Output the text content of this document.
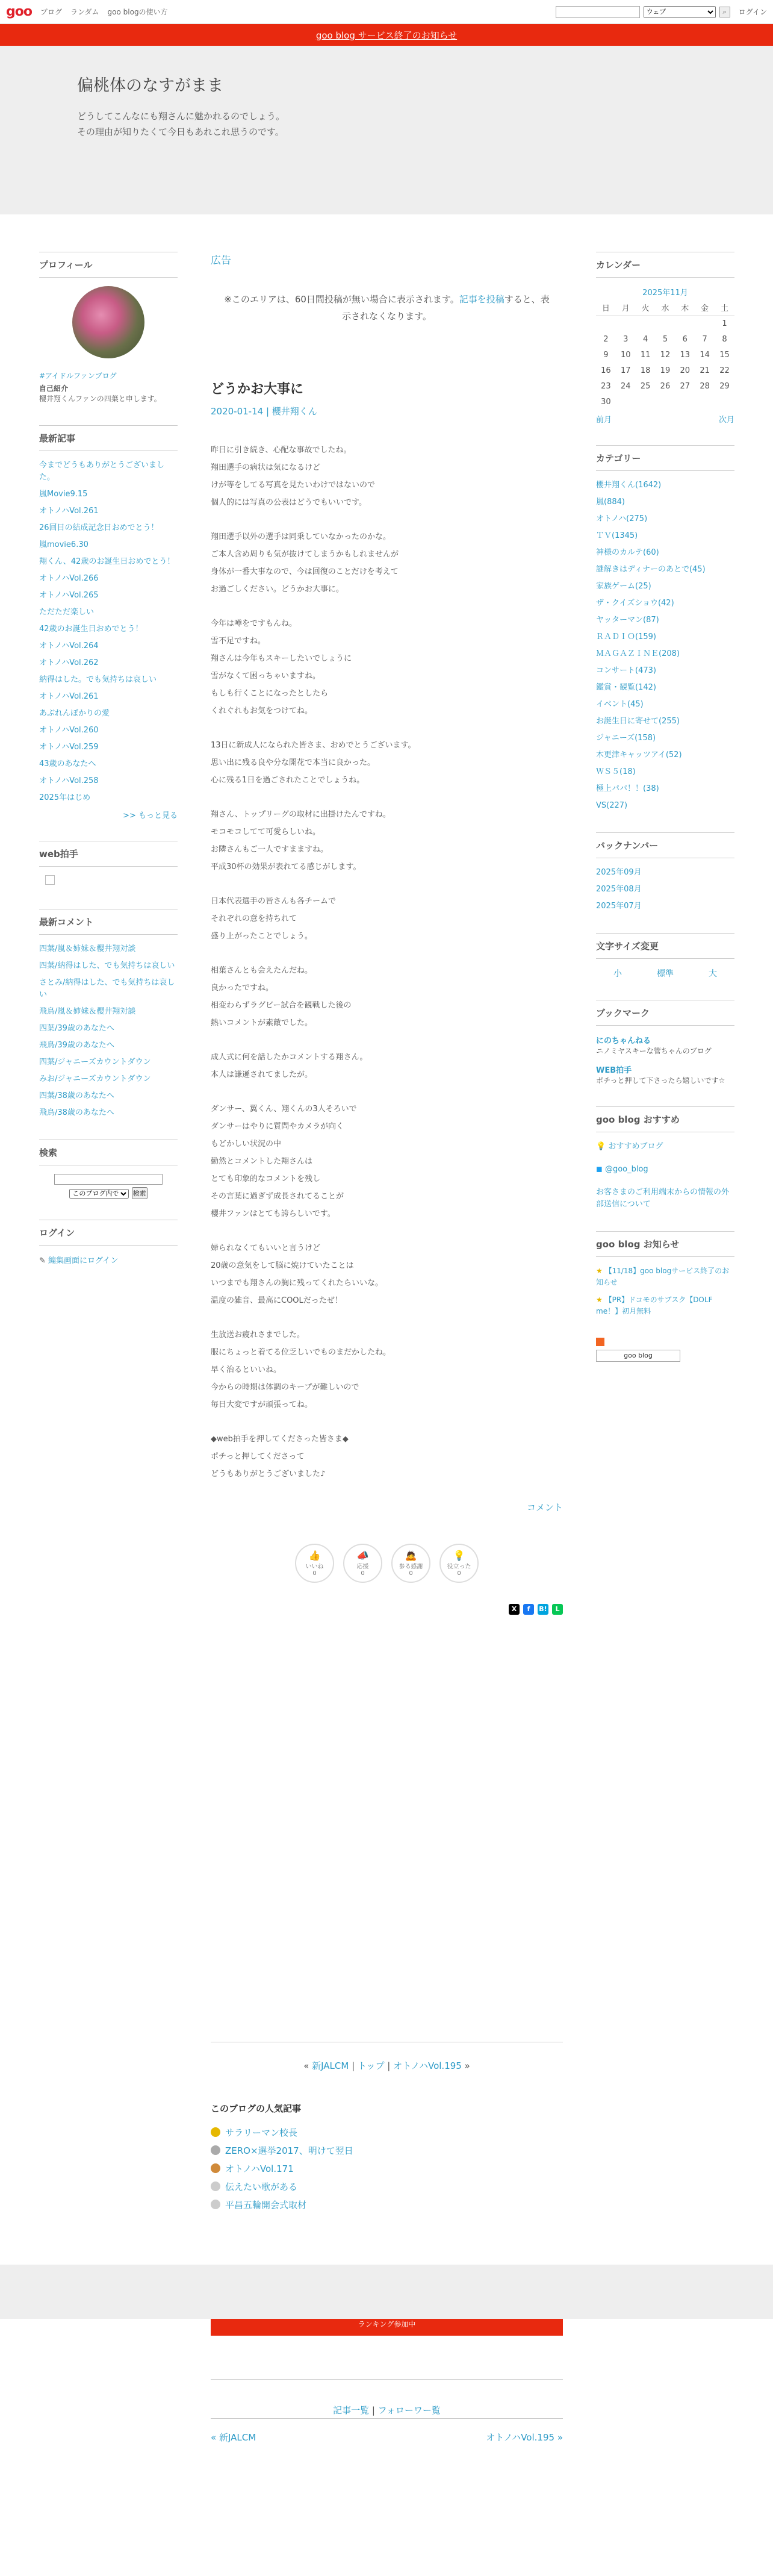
goo ブログ ランダム goo blogの使い方
ウェブ	⌕	ログイン
goo blog サービス終了のお知らせ
偏桃体のなすがまま
どうしてこんなにも翔さんに魅かれるのでしょう。
その理由が知りたくて今日もあれこれ思うのです。
プロフィール
#アイドルファンブログ
自己紹介
櫻井翔くんファンの四葉と申します。
最新記事
今までどうもありがとうございました。
嵐Movie9.15
オトノハVol.261
26回目の結成記念日おめでとう！
嵐movie6.30
翔くん、42歳のお誕生日おめでとう！
オトノハVol.266
オトノハVol.265
ただただ楽しい
42歳のお誕生日おめでとう！
オトノハVol.264
オトノハVol.262
納得はした。でも気持ちは哀しい
オトノハVol.261
あぶれんぼかりの愛
オトノハVol.260
オトノハVol.259
43歳のあなたへ
オトノハVol.258
2025年はじめ
>> もっと見る
web拍手
最新コメント
四葉/嵐＆姉妹＆櫻井翔対談
四葉/納得はした、でも気持ちは哀しい
さとみ/納得はした、でも気持ちは哀しい
飛鳥/嵐＆姉妹＆櫻井翔対談
四葉/39歳のあなたへ
飛鳥/39歳のあなたへ
四葉/ジャニーズカウントダウン
みお/ジャニーズカウントダウン
四葉/38歳のあなたへ
飛鳥/38歳のあなたへ
検索

このブログ内で 検索
ログイン
✎ 編集画面にログイン
広告
※このエリアは、60日間投稿が無い場合に表示されます。記事を投稿すると、表示されなくなります。
どうかお大事に
2020-01-14 | 櫻井翔くん

昨日に引き続き、心配な事故でしたね。
翔田選手の病状は気になるけど
けが等をしてる写真を見たいわけではないので
個人的には写真の公表はどうでもいいです。

翔田選手以外の選手は同乗していなかったのかな。
ご本人含め周りも気が抜けてしまうかもしれませんが
身体が一番大事なので、今は回復のことだけを考えて
お過ごしください。どうかお大事に。

今年は噂をですもんね。
雪不足ですね。
翔さんは今年もスキーしたいでしょうに
雪がなくて困っちゃいますね。
もしも行くことになったとしたら
くれぐれもお気をつけてね。

13日に新成人になられた皆さま、おめでとうございます。
思い出に残る良や分な開花で本当に良かった。
心に残る1日を過ごされたことでしょうね。

翔さん、トップリーグの取材に出掛けたんですね。
モコモコしてて可愛らしいね。
お隣さんもご一人ですまますね。
平成30杯の効果が表れてる感じがします。

日本代表選手の皆さんも各チームで
それぞれの意を持ちれて
盛り上がったことでしょう。

相葉さんとも会えたんだね。
良かったですね。
相変わらずラグビー試合を観戦した後の
熱いコメントが素敵でした。

成人式に何を話したかコメントする翔さん。
本人は謙遜されてましたが。

ダンサー、翼くん、翔くんの3人そろいで
ダンサーはやりに質問やカメラが向く
もどかしい状況の中
勤然とコメントした翔さんは
とても印象的なコメントを残し
その言葉に過ぎず成長されてることが
櫻井ファンはとても誇らしいです。

婦られなくてもいいと言うけど
20歳の意気をして脳に焼けていたことは
いつまでも翔さんの胸に残ってくれたらいいな。
温度の雑音、最高にCOOLだったぜ！

生放送お疲れさまでした。
服にちょっと着てる位乏しいでものまだかしたね。
早く治るといいね。
今からの時期は体調のキープが難しいので
毎日大変ですが頑張ってね。

◆web拍手を押してくださった皆さま◆
ポチっと押してくださって
どうもありがとうございました♪

コメント
👍
いいね
0
📣
応援
0
🙇
参る感謝
0
💡
役立った
0
X	f	B!	L
カレンダー
2025年11月
日	月	火	水	木	金	土
						1
2	3	4	5	6	7	8
9	10	11	12	13	14	15
16	17	18	19	20	21	22
23	24	25	26	27	28	29
30						
前月	次月
カテゴリー
櫻井翔くん(1642)
嵐(884)
オトノハ(275)
ＴＶ(1345)
神様のカルテ(60)
謎解きはディナーのあとで(45)
家族ゲーム(25)
ザ・クイズショウ(42)
ヤッターマン(87)
ＲＡＤＩＯ(159)
ＭＡＧＡＺＩＮＥ(208)
コンサート(473)
鑑賞・観覧(142)
イベント(45)
お誕生日に寄せて(255)
ジャニーズ(158)
木更津キャッツアイ(52)
ＷＳ５(18)
極上パパ！！(38)
VS(227)
バックナンバー
2025年09月
2025年08月
2025年07月
文字サイズ変更
小	標準	大
ブックマーク
にのちゃんねる
ニノミヤスキーな管ちゃんのブログ
WEB拍手
ポチっと押して下さったら嬉しいです☆
goo blog おすすめ
💡 おすすめブログ
◼ @goo_blog
お客さまのご利用端末からの情報の外部送信について
goo blog お知らせ
★ 【11/18】goo blogサービス終了のお知らせ
★ 【PR】ドコモのサブスク【DOLF me！】初月無料
goo blog
« 新JALCM | トップ | オトノハVol.195 »
このブログの人気記事
サラリーマン校長
ZERO×選挙2017、明けて翌日
オトノハVol.171
伝えたい歌がある
平昌五輪開会式取材
ランキング参加中
記事一覧 | フォローワー覧
« 新JALCM	オトノハVol.195 »
